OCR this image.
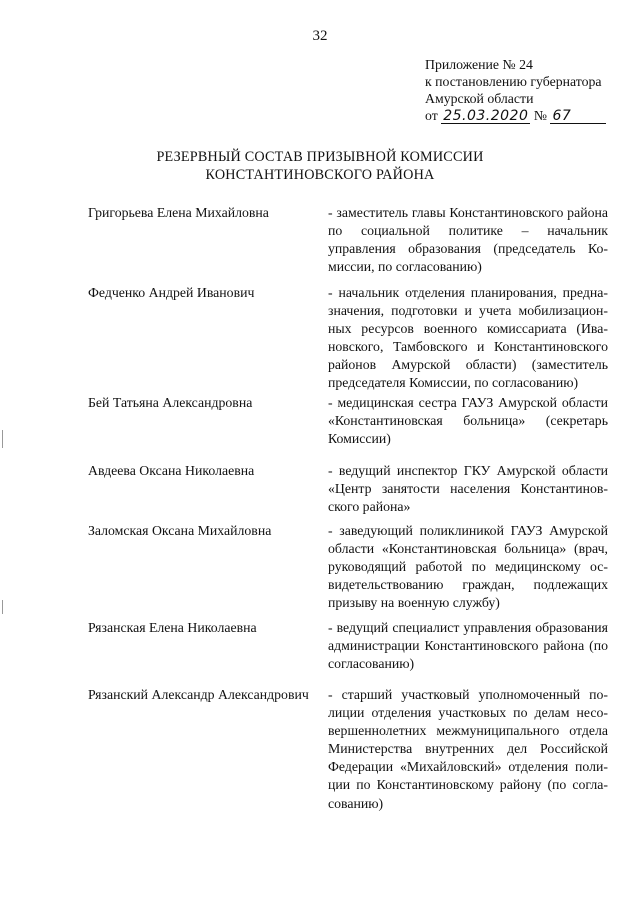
32
Приложение № 24
к постановлению губернатора
Амурской области
от 25.03.2020 № 67
РЕЗЕРВНЫЙ СОСТАВ ПРИЗЫВНОЙ КОМИССИИ
КОНСТАНТИНОВСКОГО РАЙОНА
Григорьева Елена Михайловна	- заместитель главы Константиновского района по социальной политике – начальник управления образования (председатель Комиссии, по согласованию)
Федченко Андрей Иванович	- начальник отделения планирования, предназначения, подготовки и учета мобилизационных ресурсов военного комиссариата (Ивановского, Тамбовского и Константиновского районов Амурской области) (заместитель председателя Комиссии, по согласованию)
Бей Татьяна Александровна	- медицинская сестра ГАУЗ Амурской области «Константиновская больница» (секретарь Комиссии)
Авдеева Оксана Николаевна	- ведущий инспектор ГКУ Амурской области «Центр занятости населения Константиновского района»
Заломская Оксана Михайловна	- заведующий поликлиникой ГАУЗ Амурской области «Константиновская больница» (врач, руководящий работой по медицинскому освидетельствованию граждан, подлежащих призыву на военную службу)
Рязанская Елена Николаевна	- ведущий специалист управления образования администрации Константиновского района (по согласованию)
Рязанский Александр Александрович	- старший участковый уполномоченный полиции отделения участковых по делам несовершеннолетних межмуниципального отдела Министерства внутренних дел Российской Федерации «Михайловский» отделения полиции по Константиновскому району (по согласованию)
